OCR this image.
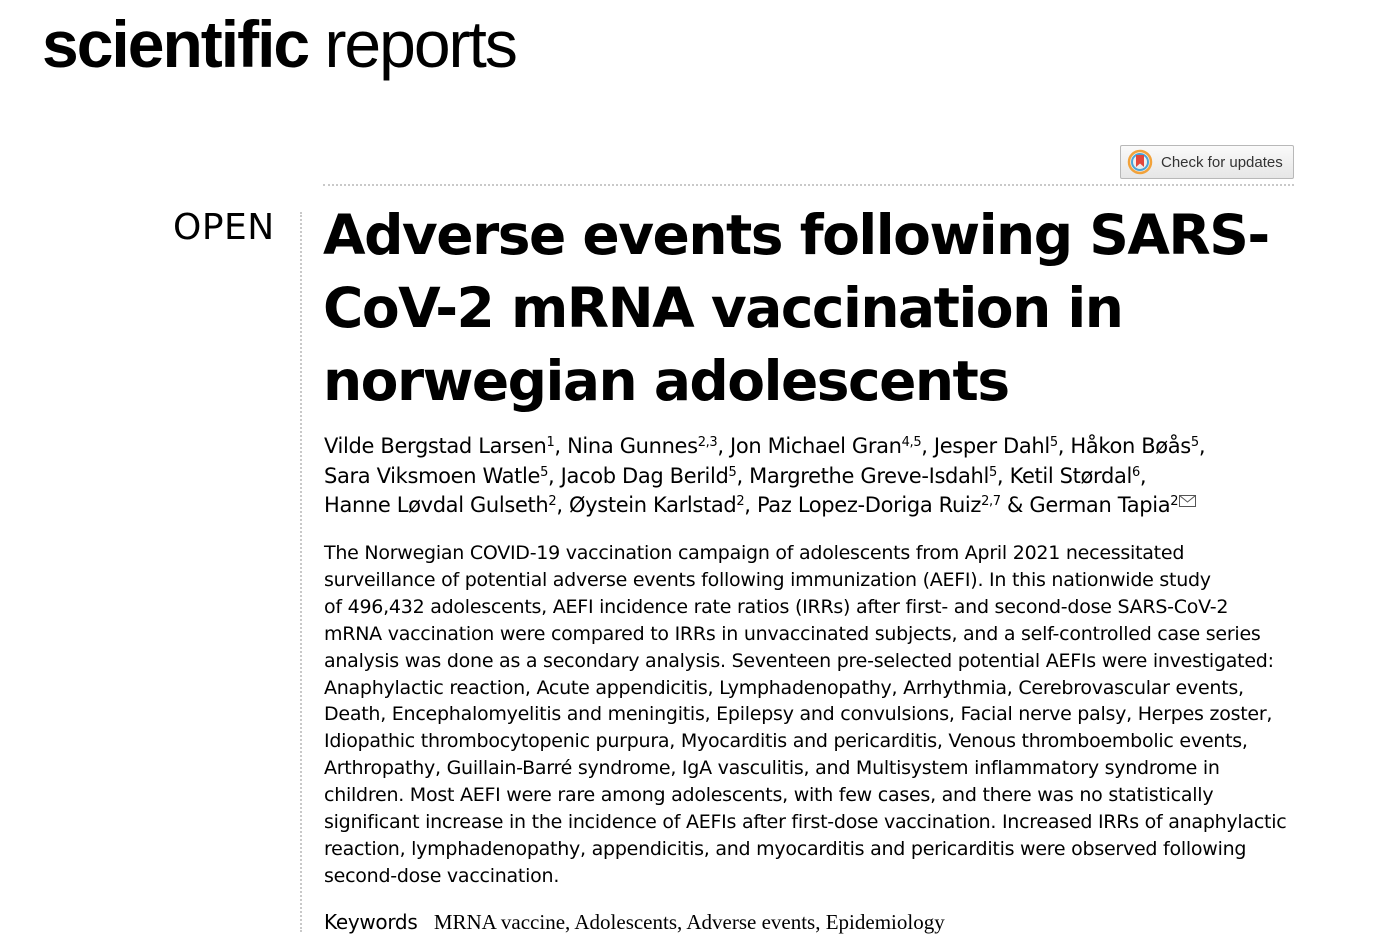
scientific reports
Check for updates
OPEN Adverse events following SARS-
CoV-2 mRNA vaccination in
norwegian adolescents
Vilde Bergstad Larsen$^1$, Nina Gunnes$^{2,3}$, Jon Michael Gran$^{4,5}$, Jesper Dahl$^5$, Håkon Bøås$^5$,
Sara Viksmoen Watle$^5$, Jacob Dag Berild$^5$, Margrethe Greve-Isdahl$^5$, Ketil Størdal$^6$,
Hanne Løvdal Gulseth$^2$, Øystein Karlstad$^2$, Paz Lopez-Doriga Ruiz$^{2,7}$ & German Tapia$^2$
The Norwegian COVID-19 vaccination campaign of adolescents from April 2021 necessitated
surveillance of potential adverse events following immunization (AEFI). In this nationwide study
of 496,432 adolescents, AEFI incidence rate ratios (IRRs) after first- and second-dose SARS-CoV-2
mRNA vaccination were compared to IRRs in unvaccinated subjects, and a self-controlled case series
analysis was done as a secondary analysis. Seventeen pre-selected potential AEFIs were investigated:
Anaphylactic reaction, Acute appendicitis, Lymphadenopathy, Arrhythmia, Cerebrovascular events,
Death, Encephalomyelitis and meningitis, Epilepsy and convulsions, Facial nerve palsy, Herpes zoster,
Idiopathic thrombocytopenic purpura, Myocarditis and pericarditis, Venous thromboembolic events,
Arthropathy, Guillain-Barré syndrome, IgA vasculitis, and Multisystem inflammatory syndrome in
children. Most AEFI were rare among adolescents, with few cases, and there was no statistically
significant increase in the incidence of AEFIs after first-dose vaccination. Increased IRRs of anaphylactic
reaction, lymphadenopathy, appendicitis, and myocarditis and pericarditis were observed following
second-dose vaccination.
Keywords MRNA vaccine, Adolescents, Adverse events, Epidemiology
